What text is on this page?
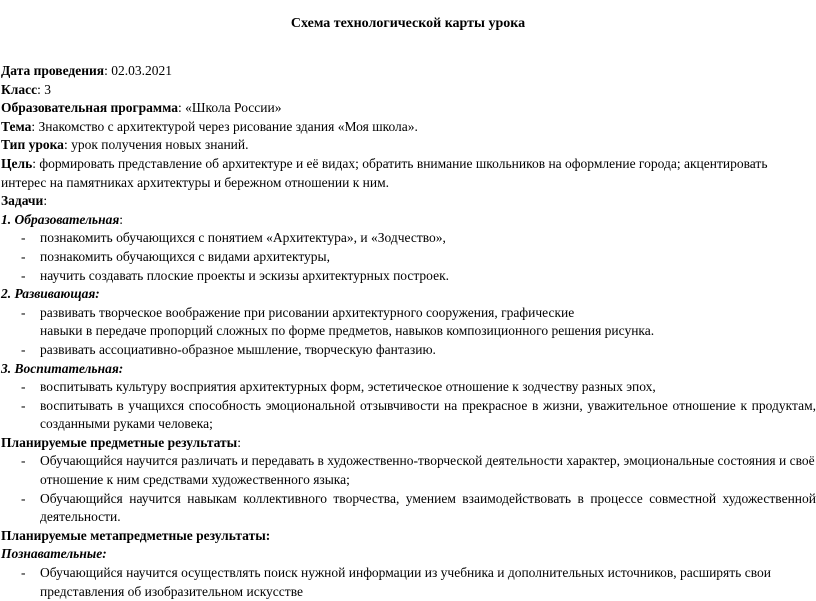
Схема технологической карты урока
Дата проведения: 02.03.2021
Класс: 3
Образовательная программа: «Школа России»
Тема: Знакомство с архитектурой через рисование здания «Моя школа».
Тип урока: урок получения новых знаний.
Цель: формировать представление об архитектуре и её видах; обратить внимание школьников на оформление города; акцентировать интерес на памятниках архитектуры и бережном отношении к ним.
Задачи:
1. Образовательная:
- познакомить обучающихся с понятием «Архитектура», и «Зодчество»,
- познакомить обучающихся с видами архитектуры,
- научить создавать плоские проекты и эскизы архитектурных построек.
2. Развивающая:
- развивать творческое воображение при рисовании архитектурного сооружения, графические
навыки в передаче пропорций сложных по форме предметов, навыков композиционного решения рисунка.
- развивать ассоциативно-образное мышление, творческую фантазию.
3. Воспитательная:
- воспитывать культуру восприятия архитектурных форм, эстетическое отношение к зодчеству разных эпох,
- воспитывать в учащихся способность эмоциональной отзывчивости на прекрасное в жизни, уважительное отношение к продуктам, созданными руками человека;
Планируемые предметные результаты:
- Обучающийся научится различать и передавать в художественно-творческой деятельности характер, эмоциональные состояния и своё отношение к ним средствами художественного языка;
- Обучающийся научится навыкам коллективного творчества, умением взаимодействовать в процессе совместной художественной деятельности.
Планируемые метапредметные результаты:
Познавательные:
- Обучающийся научится осуществлять поиск нужной информации из учебника и дополнительных источников, расширять свои представления об изобразительном искусстве
